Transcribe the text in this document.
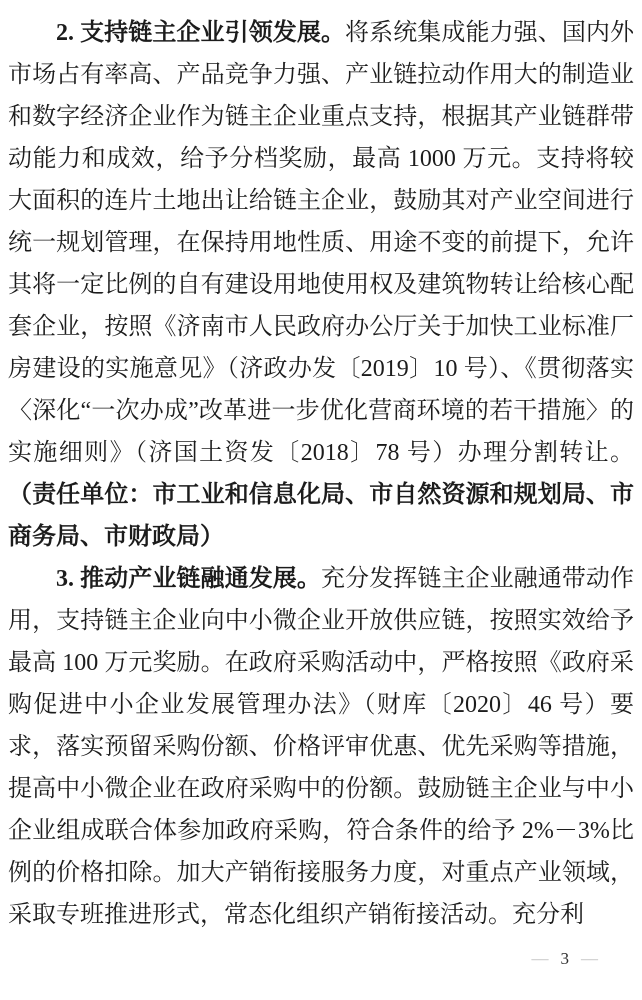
2. 支持链主企业引领发展。将系统集成能力强、国内外市场占有率高、产品竞争力强、产业链拉动作用大的制造业和数字经济企业作为链主企业重点支持，根据其产业链群带动能力和成效，给予分档奖励，最高 1000 万元。支持将较大面积的连片土地出让给链主企业，鼓励其对产业空间进行统一规划管理，在保持用地性质、用途不变的前提下，允许其将一定比例的自有建设用地使用权及建筑物转让给核心配套企业，按照《济南市人民政府办公厅关于加快工业标准厂房建设的实施意见》（济政办发〔2019〕10 号）、《贯彻落实〈深化“一次办成”改革进一步优化营商环境的若干措施〉的实施细则》（济国土资发〔2018〕78 号）办理分割转让。（责任单位：市工业和信息化局、市自然资源和规划局、市商务局、市财政局）

3. 推动产业链融通发展。充分发挥链主企业融通带动作用，支持链主企业向中小微企业开放供应链，按照实效给予最高 100 万元奖励。在政府采购活动中，严格按照《政府采购促进中小企业发展管理办法》（财库〔2020〕46 号）要求，落实预留采购份额、价格评审优惠、优先采购等措施，提高中小微企业在政府采购中的份额。鼓励链主企业与中小企业组成联合体参加政府采购，符合条件的给予 2%－3%比例的价格扣除。加大产销衔接服务力度，对重点产业领域，采取专班推进形式，常态化组织产销衔接活动。充分利

— 3 —
